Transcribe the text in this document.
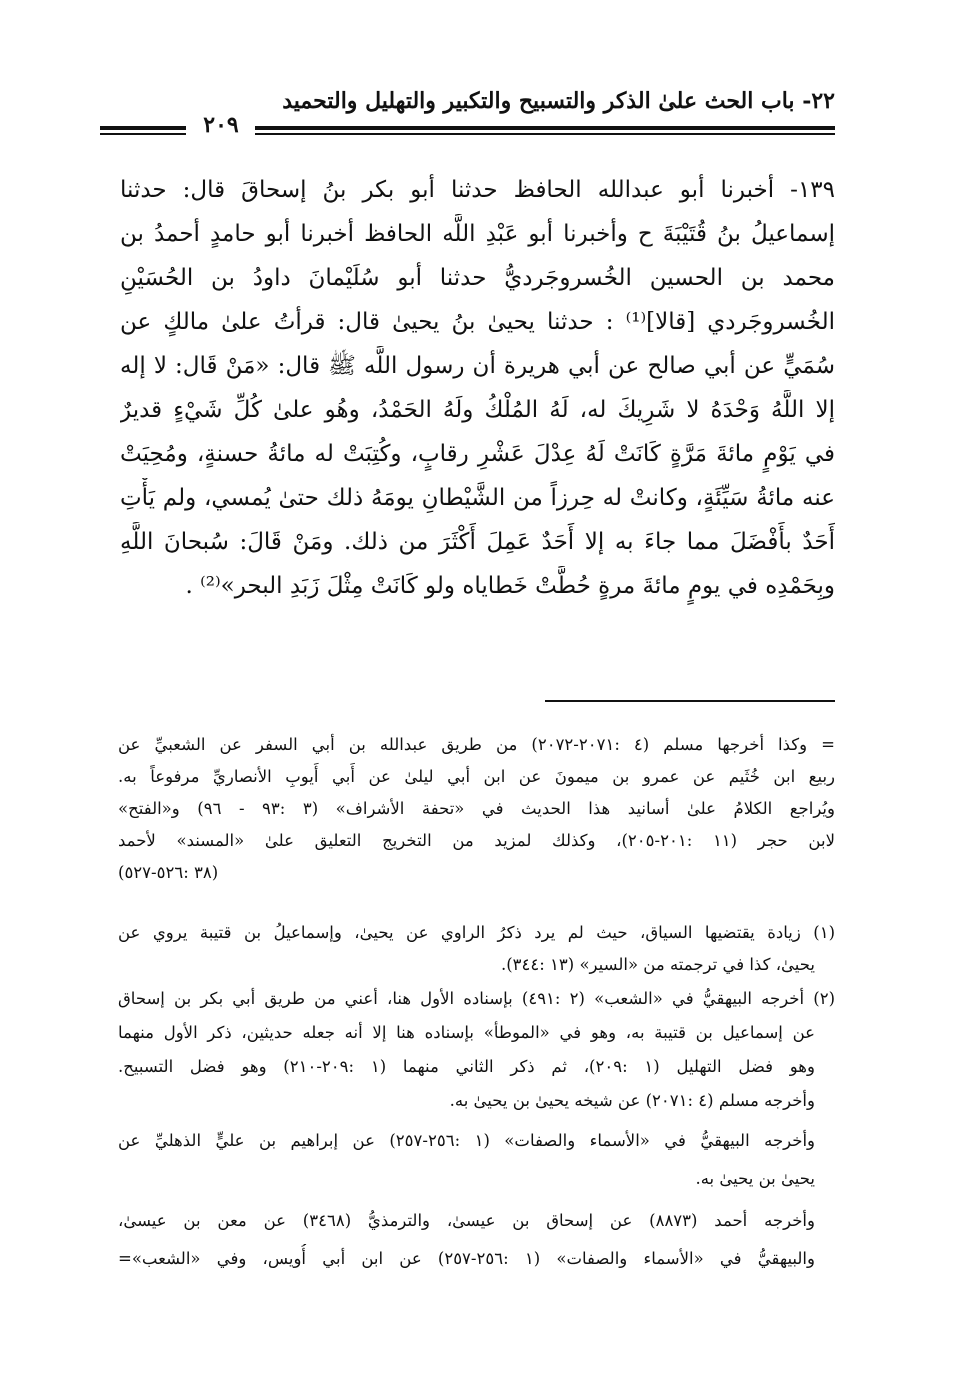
٢٢- باب الحث علىٰ الذكر والتسبيح والتكبير والتهليل والتحميد
٢٠٩
١٣٩- أخبرنا أبو عبدالله الحافظ حدثنا أبو بكر بنُ إسحاقَ قال: حدثنا
إسماعيلُ بنُ قُتَيْبَةَ ح وأخبرنا أبو عَبْدِ اللَّه الحافظ أخبرنا أبو حامدٍ أحمدُ بن
محمد بن الحسين الخُسروجَرديُّ حدثنا أبو سُلَيْمانَ داودُ بن الحُسَيْنِ
الخُسروجَردي [قالا]⁽¹⁾ : حدثنا يحيىٰ بنُ يحيىٰ قال: قرأتُ علىٰ مالكٍ عن
سُمَيٍّ عن أبي صالح عن أبي هريرة أن رسول اللَّه ﷺ قال: «مَنْ قَال: لا إله
إلا اللَّهُ وَحْدَهُ لا شَرِيكَ له، لَهُ المُلْكُ ولَهُ الحَمْدُ، وهُو علىٰ كُلِّ شَيْءٍ قديرٌ
في يَوْمٍ مائةَ مَرَّةٍ كَانَتْ لَهُ عِدْلَ عَشْرِ رقابٍ، وكُتِبَتْ له مائةُ حسنةٍ، ومُحِيَتْ
عنه مائةُ سَيِّئَةٍ، وكانتْ له حِرزاً من الشَّيْطانِ يومَهُ ذلك حتىٰ يُمسي، ولم يَأْتِ
أَحَدٌ بأَفْضَلَ مما جاءَ به إلا أَحَدٌ عَمِلَ أَكْثَرَ من ذلك. ومَنْ قَالَ: سُبحانَ اللَّهِ
وبِحَمْدِه في يومٍ مائةَ مرةٍ حُطَّتْ خَطاياه ولو كَانَتْ مِثْلَ زَبَدِ البحر»⁽²⁾ .
= وكذا أخرجها مسلم (٤ :٢٠٧١-٢٠٧٢) من طريق عبدالله بن أبي السفر عن الشعبيِّ عن
ربيع ابن خُثَيم عن عمرو بن ميمونَ عن ابن أبي ليلىٰ عن أَبي أَيوبِ الأنصاريِّ مرفوعاً به.
ويُراجع الكلامُ علىٰ أسانيد هذا الحديث في «تحفة الأشراف» (٣ :٩٣ - ٩٦) و«الفتح»
لابن حجر (١١ :٢٠١-٢٠٥)، وكذلك لمزيد من التخريج التعليق علىٰ «المسند» لأحمد
(٣٨ :٥٢٦-٥٢٧)
(١) زيادة يقتضيها السياق، حيث لم يرد ذكرُ الراوي عن يحيىٰ، وإسماعيلُ بن قتيبة يروي عن
يحيىٰ، كذا في ترجمته من «السير» (١٣ :٣٤٤).
(٢) أخرجه البيهقيُّ في «الشعب» (٢ :٤٩١) بإسناده الأول هنا، أعني من طريق أبي بكر بن إسحاق
عن إسماعيل بن قتيبة به، وهو في «الموطأ» بإسناده هنا إلا أنه جعله حديثين، ذكر الأول منهما
وهو فضل التهليل (١ :٢٠٩)، ثم ذكر الثاني منهما (١ :٢٠٩-٢١٠) وهو فضل التسبيح.
وأخرجه مسلم (٤ :٢٠٧١) عن شيخه يحيىٰ بن يحيىٰ به.
وأخرجه البيهقيُّ في «الأسماء والصفات» (١ :٢٥٦-٢٥٧) عن إبراهيم بن عليٍّ الذهليِّ عن
يحيىٰ بن يحيىٰ به.
وأخرجه أحمد (٨٨٧٣) عن إسحاق بن عيسىٰ، والترمذيُّ (٣٤٦٨) عن معن بن عيسىٰ،
والبيهقيُّ في «الأسماء والصفات» (١ :٢٥٦-٢٥٧) عن ابن أبي أُويس، وفي «الشعب»=
